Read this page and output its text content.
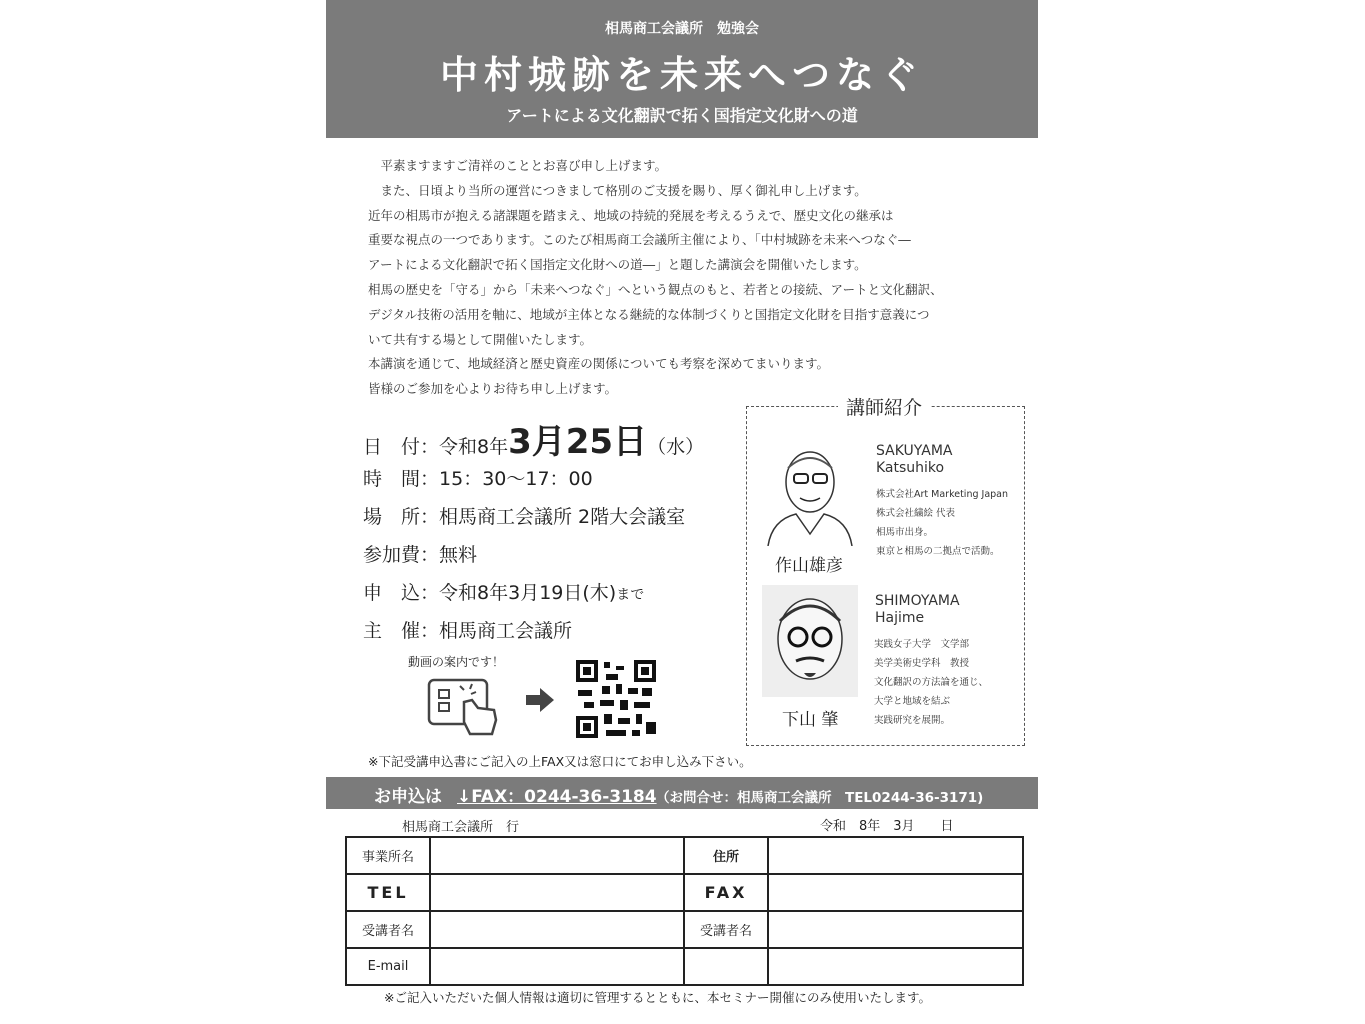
相馬商工会議所　勉強会
中村城跡を未来へつなぐ
アートによる文化翻訳で拓く国指定文化財への道
　平素ますますご清祥のこととお喜び申し上げます。
　また、日頃より当所の運営につきまして格別のご支援を賜り、厚く御礼申し上げます。
近年の相馬市が抱える諸課題を踏まえ、地域の持続的発展を考えるうえで、歴史文化の継承は
重要な視点の一つであります。このたび相馬商工会議所主催により、「中村城跡を未来へつなぐ―
アートによる文化翻訳で拓く国指定文化財への道―」と題した講演会を開催いたします。
相馬の歴史を「守る」から「未来へつなぐ」へという観点のもと、若者との接続、アートと文化翻訳、
デジタル技術の活用を軸に、地域が主体となる継続的な体制づくりと国指定文化財を目指す意義につ
いて共有する場として開催いたします。
本講演を通じて、地域経済と歴史資産の関係についても考察を深めてまいります。
皆様のご参加を心よりお待ち申し上げます。
日　付：令和8年3月25日（水）
時　間：15：30〜17：00
場　所：相馬商工会議所 2階大会議室
参加費：無料
申　込：令和8年3月19日(木)まで
主　催：相馬商工会議所
動画の案内です！
講師紹介
作山雄彦
SAKUYAMA
Katsuhiko
株式会社Art Marketing Japan
株式会社繍絵 代表
相馬市出身。
東京と相馬の二拠点で活動。
下山 肇
SHIMOYAMA
Hajime
実践女子大学　文学部
美学美術史学科　教授
文化翻訳の方法論を通じ、
大学と地域を結ぶ
実践研究を展開。
※下記受講申込書にご記入の上FAX又は窓口にてお申し込み下さい。
お申込は ↓FAX：0244-36-3184 （お問合せ：相馬商工会議所　TEL0244-36-3171)
相馬商工会議所　行	令和　8年　3月　　日
事業所名		住所	
TEL		FAX	
受講者名		受講者名	
E-mail			
※ご記入いただいた個人情報は適切に管理するとともに、本セミナー開催にのみ使用いたします。
